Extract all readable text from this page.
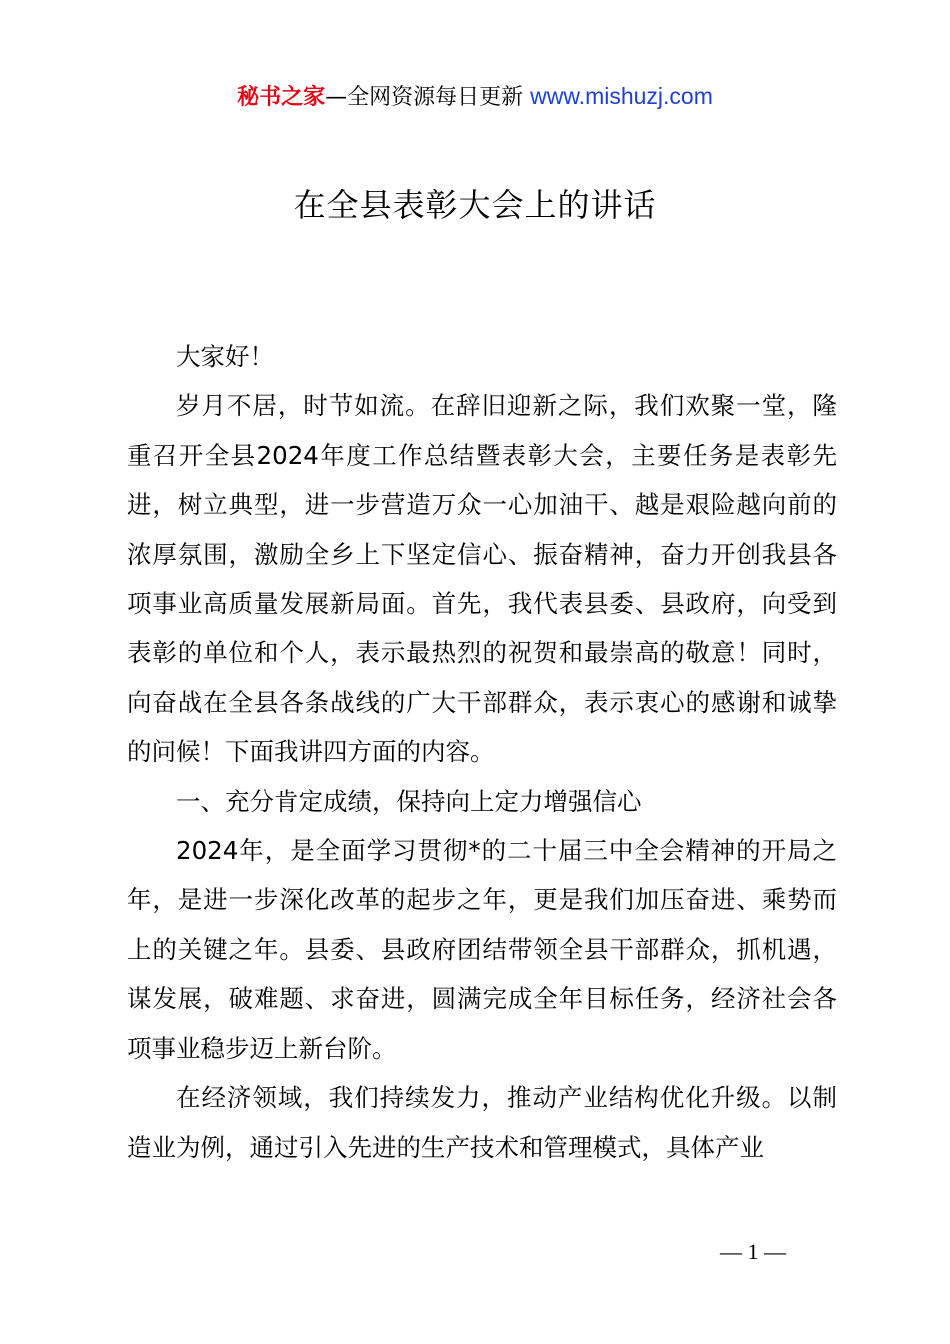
秘书之家—全网资源每日更新 www.mishuzj.com
在全县表彰大会上的讲话

大家好！

岁月不居，时节如流。在辞旧迎新之际，我们欢聚一堂，隆重召开全县2024年度工作总结暨表彰大会，主要任务是表彰先进，树立典型，进一步营造万众一心加油干、越是艰险越向前的浓厚氛围，激励全乡上下坚定信心、振奋精神，奋力开创我县各项事业高质量发展新局面。首先，我代表县委、县政府，向受到表彰的单位和个人，表示最热烈的祝贺和最崇高的敬意！同时，向奋战在全县各条战线的广大干部群众，表示衷心的感谢和诚挚的问候！下面我讲四方面的内容。

一、充分肯定成绩，保持向上定力增强信心

2024年，是全面学习贯彻*的二十届三中全会精神的开局之年，是进一步深化改革的起步之年，更是我们加压奋进、乘势而上的关键之年。县委、县政府团结带领全县干部群众，抓机遇，谋发展，破难题、求奋进，圆满完成全年目标任务，经济社会各项事业稳步迈上新台阶。

在经济领域，我们持续发力，推动产业结构优化升级。以制造业为例，通过引入先进的生产技术和管理模式，具体产业

— 1 —
